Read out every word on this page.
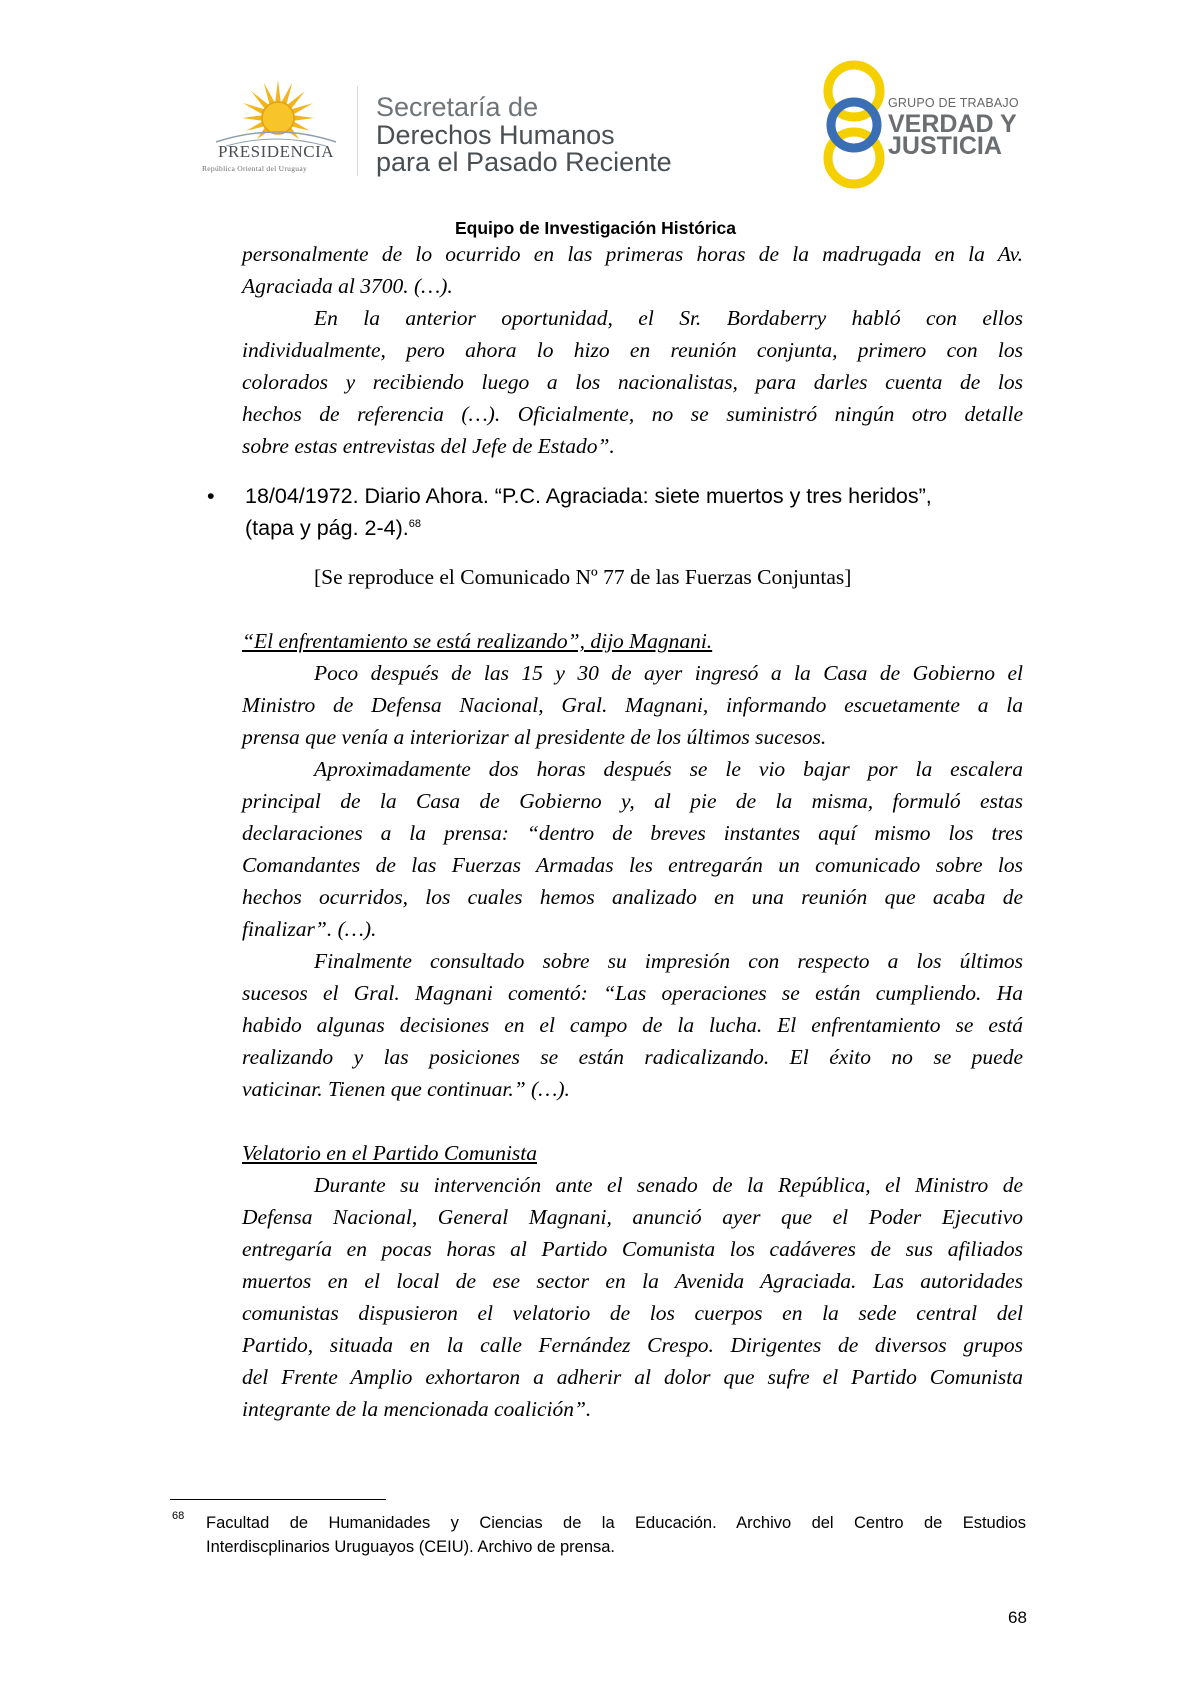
PRESIDENCIA
República Oriental del Uruguay
Secretaría de
Derechos Humanos
para el Pasado Reciente
GRUPO DE TRABAJO
VERDAD Y
JUSTICIA
Equipo de Investigación Histórica
personalmente de lo ocurrido en las primeras horas de la madrugada en la Av.
Agraciada al 3700. (…).
En la anterior oportunidad, el Sr. Bordaberry habló con ellos
individualmente, pero ahora lo hizo en reunión conjunta, primero con los
colorados y recibiendo luego a los nacionalistas, para darles cuenta de los
hechos de referencia (…). Oficialmente, no se suministró ningún otro detalle
sobre estas entrevistas del Jefe de Estado”.
• 18/04/1972. Diario Ahora. “P.C. Agraciada: siete muertos y tres heridos”,
(tapa y pág. 2-4).$^{68}$
[Se reproduce el Comunicado Nº 77 de las Fuerzas Conjuntas]
“El enfrentamiento se está realizando”, dijo Magnani.
Poco después de las 15 y 30 de ayer ingresó a la Casa de Gobierno el
Ministro de Defensa Nacional, Gral. Magnani, informando escuetamente a la
prensa que venía a interiorizar al presidente de los últimos sucesos.
Aproximadamente dos horas después se le vio bajar por la escalera
principal de la Casa de Gobierno y, al pie de la misma, formuló estas
declaraciones a la prensa: “dentro de breves instantes aquí mismo los tres
Comandantes de las Fuerzas Armadas les entregarán un comunicado sobre los
hechos ocurridos, los cuales hemos analizado en una reunión que acaba de
finalizar”. (…).
Finalmente consultado sobre su impresión con respecto a los últimos
sucesos el Gral. Magnani comentó: “Las operaciones se están cumpliendo. Ha
habido algunas decisiones en el campo de la lucha. El enfrentamiento se está
realizando y las posiciones se están radicalizando. El éxito no se puede
vaticinar. Tienen que continuar.” (…).
Velatorio en el Partido Comunista
Durante su intervención ante el senado de la República, el Ministro de
Defensa Nacional, General Magnani, anunció ayer que el Poder Ejecutivo
entregaría en pocas horas al Partido Comunista los cadáveres de sus afiliados
muertos en el local de ese sector en la Avenida Agraciada. Las autoridades
comunistas dispusieron el velatorio de los cuerpos en la sede central del
Partido, situada en la calle Fernández Crespo. Dirigentes de diversos grupos
del Frente Amplio exhortaron a adherir al dolor que sufre el Partido Comunista
integrante de la mencionada coalición”.
68 Facultad de Humanidades y Ciencias de la Educación. Archivo del Centro de Estudios
Interdiscplinarios Uruguayos (CEIU). Archivo de prensa.
68
